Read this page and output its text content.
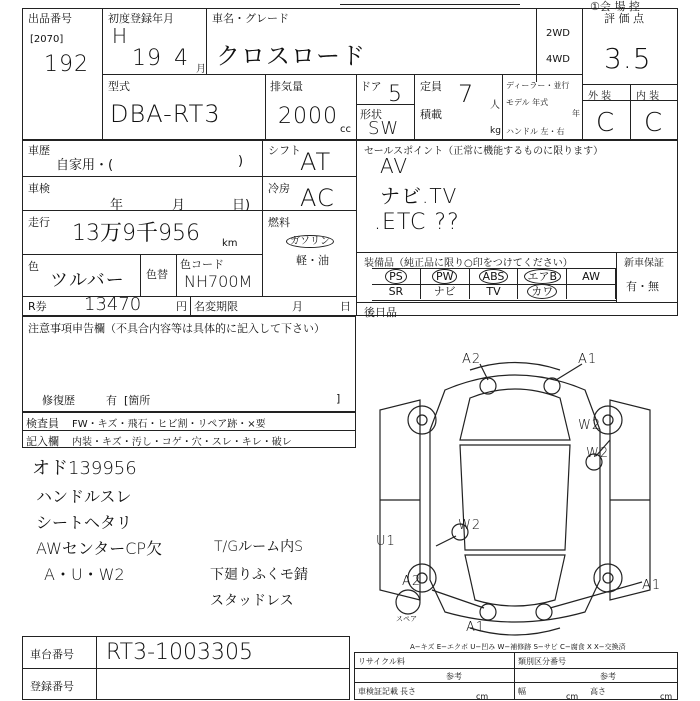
①会 場 控
出品番号
[2070]
192
初度登録年月
H
19 4 月
車名・グレード
クロスロード
2WD
4WD
評 価 点
3.5
型式
DBA-RT3
排気量
2000
cc
ドア 5
形状
SW
定員 7 人
積載
kg
ディーラー・並行
モデル 年式
年
ハンドル 左・右
外 装 内 装
C C
車歴
自家用・(	)
車検
年	月	日)
走行 13万9千956 km
色
ツルバー 色替
色コード
NH700M
R券 13470	円 名変期限	月	日
シフト AT
冷房 AC
燃料
ガソリン
軽・油
セールスポイント（正常に機能するものに限ります）
AV
ナビ.TV
.ETC ??
装備品（純正品に限り○印をつけてください）
PS	PW	ABS	エアB	AW
SR	ナビ	TV	カワ
新車保証
有・無
後日品
注意事項申告欄（不具合内容等は具体的に記入して下さい）
修復歴	有 [箇所	]
検査員 FW・キズ・飛石・ヒビ割・リペア跡・×要
記入欄 内装・キズ・汚し・コゲ・穴・スレ・キレ・破レ
オド139956
ハンドルスレ
シートヘタリ
AWセンターCP欠
A・U・W2
T/Gルーム内S
下廻りふくモ錆
スタッドレス
A2	A1
W2
U1
W2
A2	A1
A1
W2
スペア
A−キズ E−エクボ U−凹み W−補修跡 S−サビ C−腐食 X X−交換済
車台番号 RT3-1003305
登録番号
リサイクル料
参考
類別区分番号
参考
車検証記載 長さ
cm
幅
cm
高さ
cm
